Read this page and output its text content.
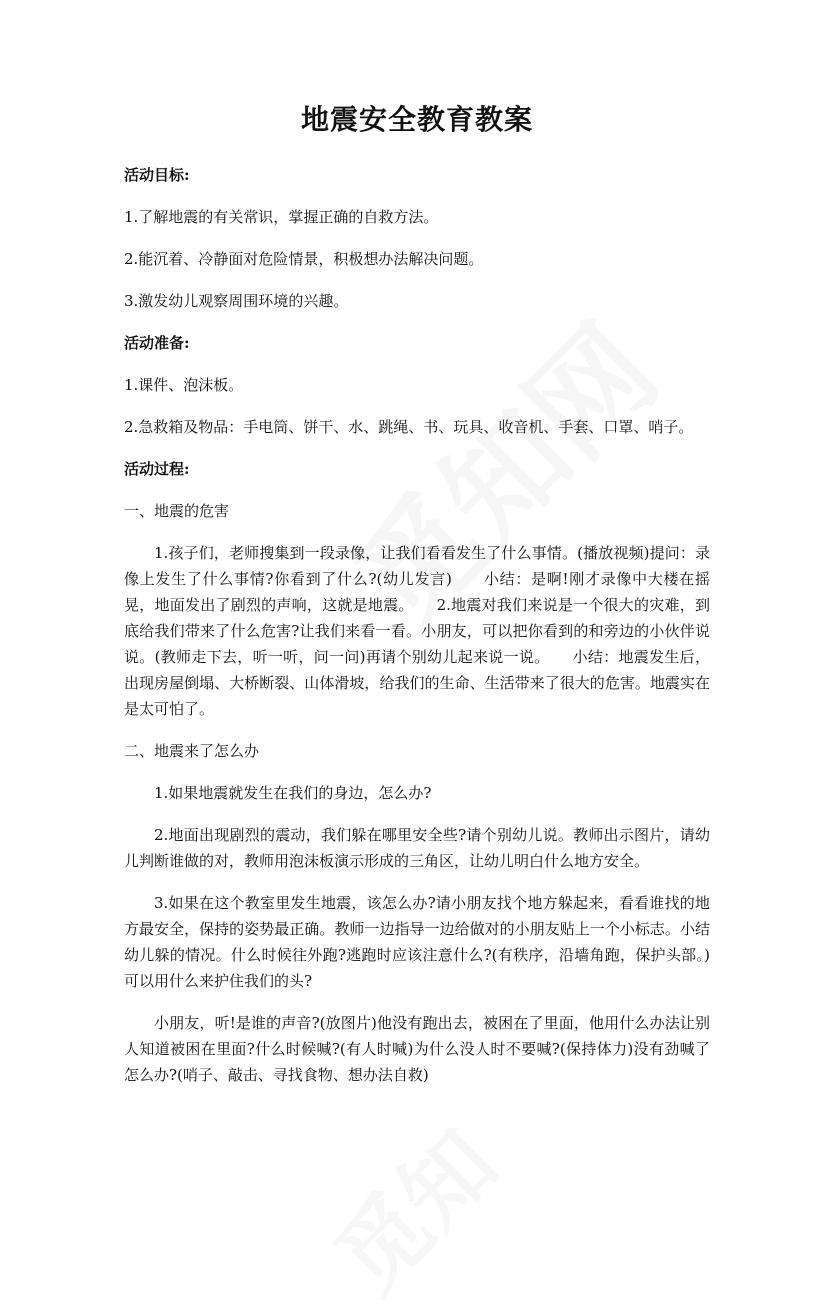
地震安全教育教案

活动目标:

1.了解地震的有关常识，掌握正确的自救方法。

2.能沉着、冷静面对危险情景，积极想办法解决问题。

3.激发幼儿观察周围环境的兴趣。

活动准备:

1.课件、泡沫板。

2.急救箱及物品：手电筒、饼干、水、跳绳、书、玩具、收音机、手套、口罩、哨子。

活动过程:

一、地震的危害

1.孩子们，老师搜集到一段录像，让我们看看发生了什么事情。(播放视频)提问：录像上发生了什么事情?你看到了什么?(幼儿发言)　　小结：是啊!刚才录像中大楼在摇晃，地面发出了剧烈的声响，这就是地震。　　2.地震对我们来说是一个很大的灾难，到底给我们带来了什么危害?让我们来看一看。小朋友，可以把你看到的和旁边的小伙伴说说。(教师走下去，听一听，问一问)再请个别幼儿起来说一说。　　小结：地震发生后，出现房屋倒塌、大桥断裂、山体滑坡，给我们的生命、生活带来了很大的危害。地震实在是太可怕了。

二、地震来了怎么办

1.如果地震就发生在我们的身边，怎么办?

2.地面出现剧烈的震动，我们躲在哪里安全些?请个别幼儿说。教师出示图片，请幼儿判断谁做的对，教师用泡沫板演示形成的三角区，让幼儿明白什么地方安全。

3.如果在这个教室里发生地震，该怎么办?请小朋友找个地方躲起来，看看谁找的地方最安全，保持的姿势最正确。教师一边指导一边给做对的小朋友贴上一个小标志。小结幼儿躲的情况。什么时候往外跑?逃跑时应该注意什么?(有秩序，沿墙角跑，保护头部。)可以用什么来护住我们的头?

小朋友，听!是谁的声音?(放图片)他没有跑出去，被困在了里面，他用什么办法让别人知道被困在里面?什么时候喊?(有人时喊)为什么没人时不要喊?(保持体力)没有劲喊了怎么办?(哨子、敲击、寻找食物、想办法自救)
